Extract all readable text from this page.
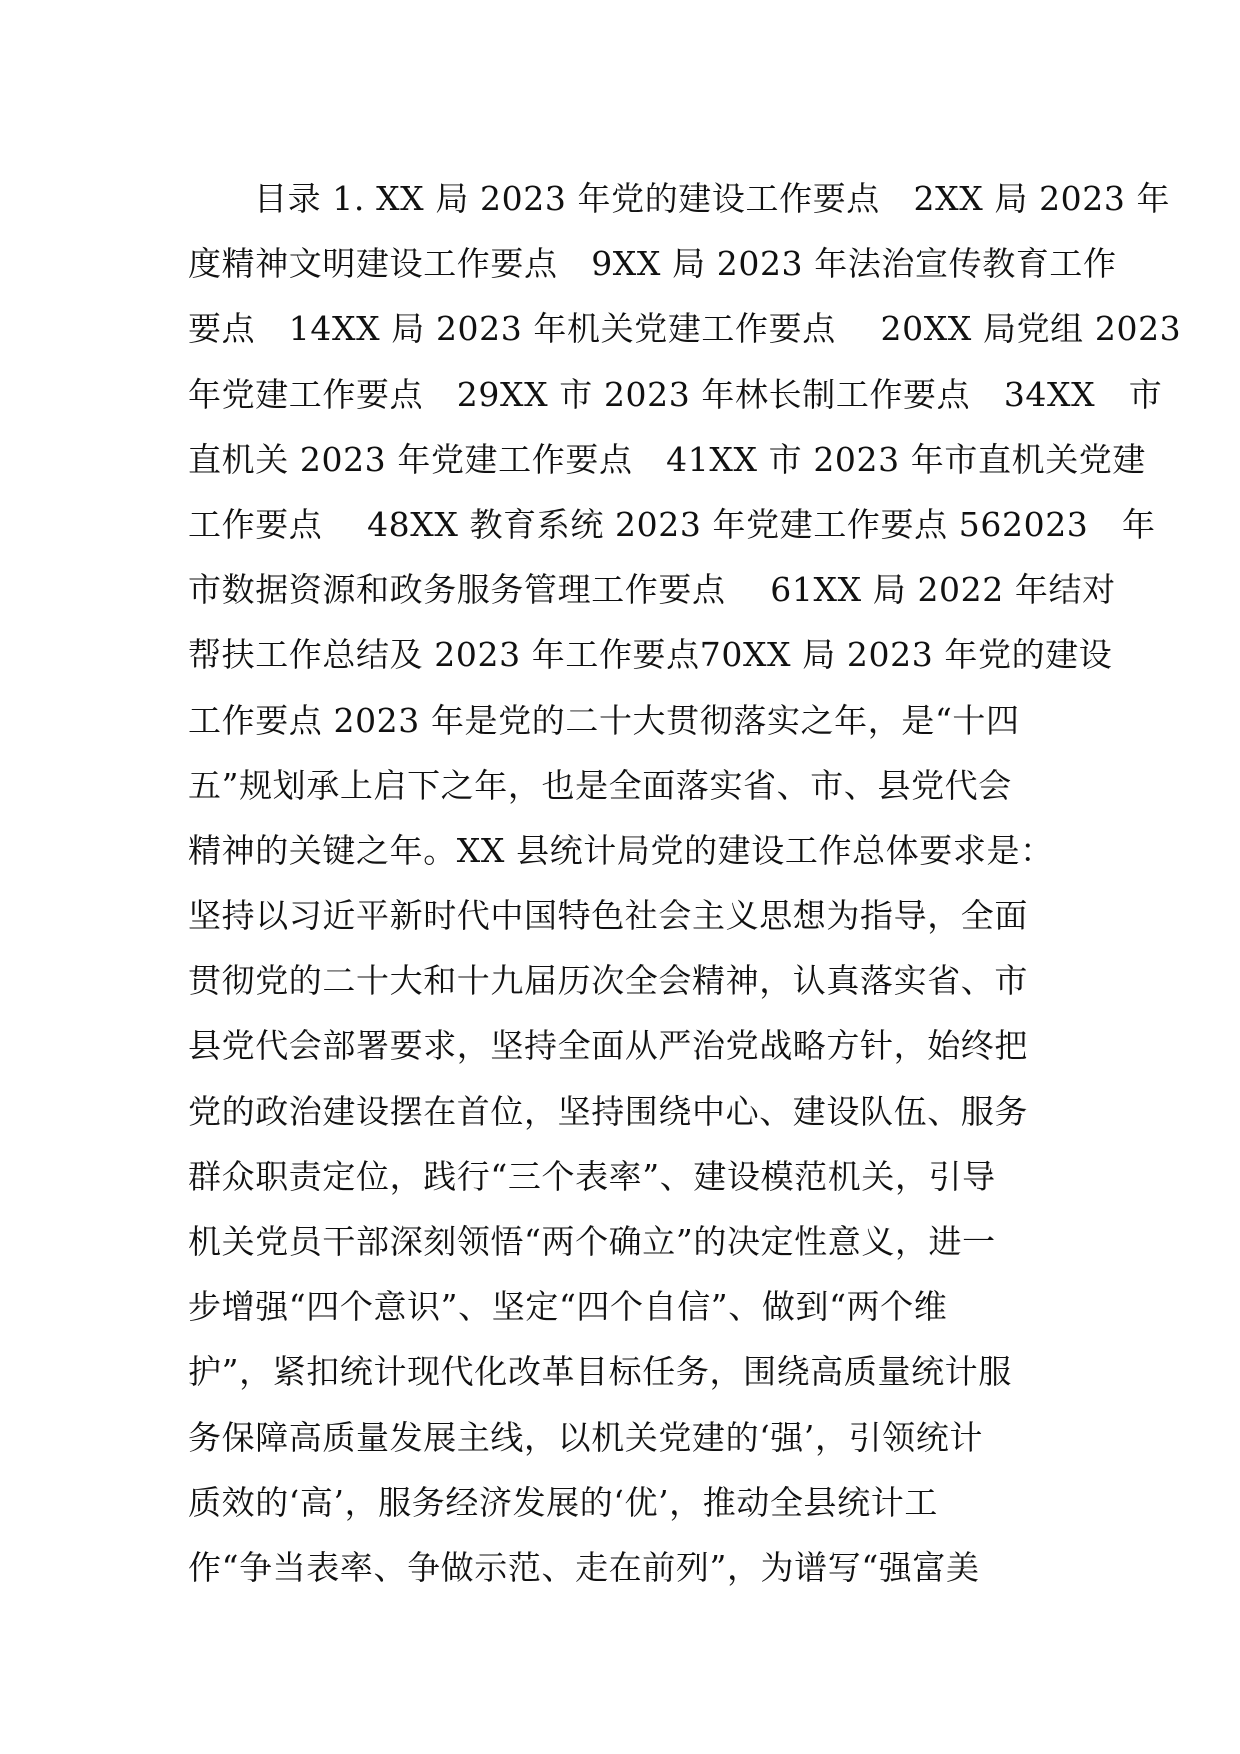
目录 1. XX 局 2023 年党的建设工作要点　2XX 局 2023 年
度精神文明建设工作要点　9XX 局 2023 年法治宣传教育工作
要点　14XX 局 2023 年机关党建工作要点　 20XX 局党组 2023
年党建工作要点　29XX 市 2023 年林长制工作要点　34XX　市
直机关 2023 年党建工作要点　41XX 市 2023 年市直机关党建
工作要点　 48XX 教育系统 2023 年党建工作要点 562023　年
市数据资源和政务服务管理工作要点　 61XX 局 2022 年结对
帮扶工作总结及 2023 年工作要点70XX 局 2023 年党的建设
工作要点 2023 年是党的二十大贯彻落实之年，是“十四
五”规划承上启下之年，也是全面落实省、市、县党代会
精神的关键之年。XX 县统计局党的建设工作总体要求是：
坚持以习近平新时代中国特色社会主义思想为指导，全面
贯彻党的二十大和十九届历次全会精神，认真落实省、市
县党代会部署要求，坚持全面从严治党战略方针，始终把
党的政治建设摆在首位，坚持围绕中心、建设队伍、服务
群众职责定位，践行“三个表率”、建设模范机关，引导
机关党员干部深刻领悟“两个确立”的决定性意义，进一
步增强“四个意识”、坚定“四个自信”、做到“两个维
护”，紧扣统计现代化改革目标任务，围绕高质量统计服
务保障高质量发展主线，以机关党建的‘强’，引领统计
质效的‘高’，服务经济发展的‘优’，推动全县统计工
作“争当表率、争做示范、走在前列”，为谱写“强富美
